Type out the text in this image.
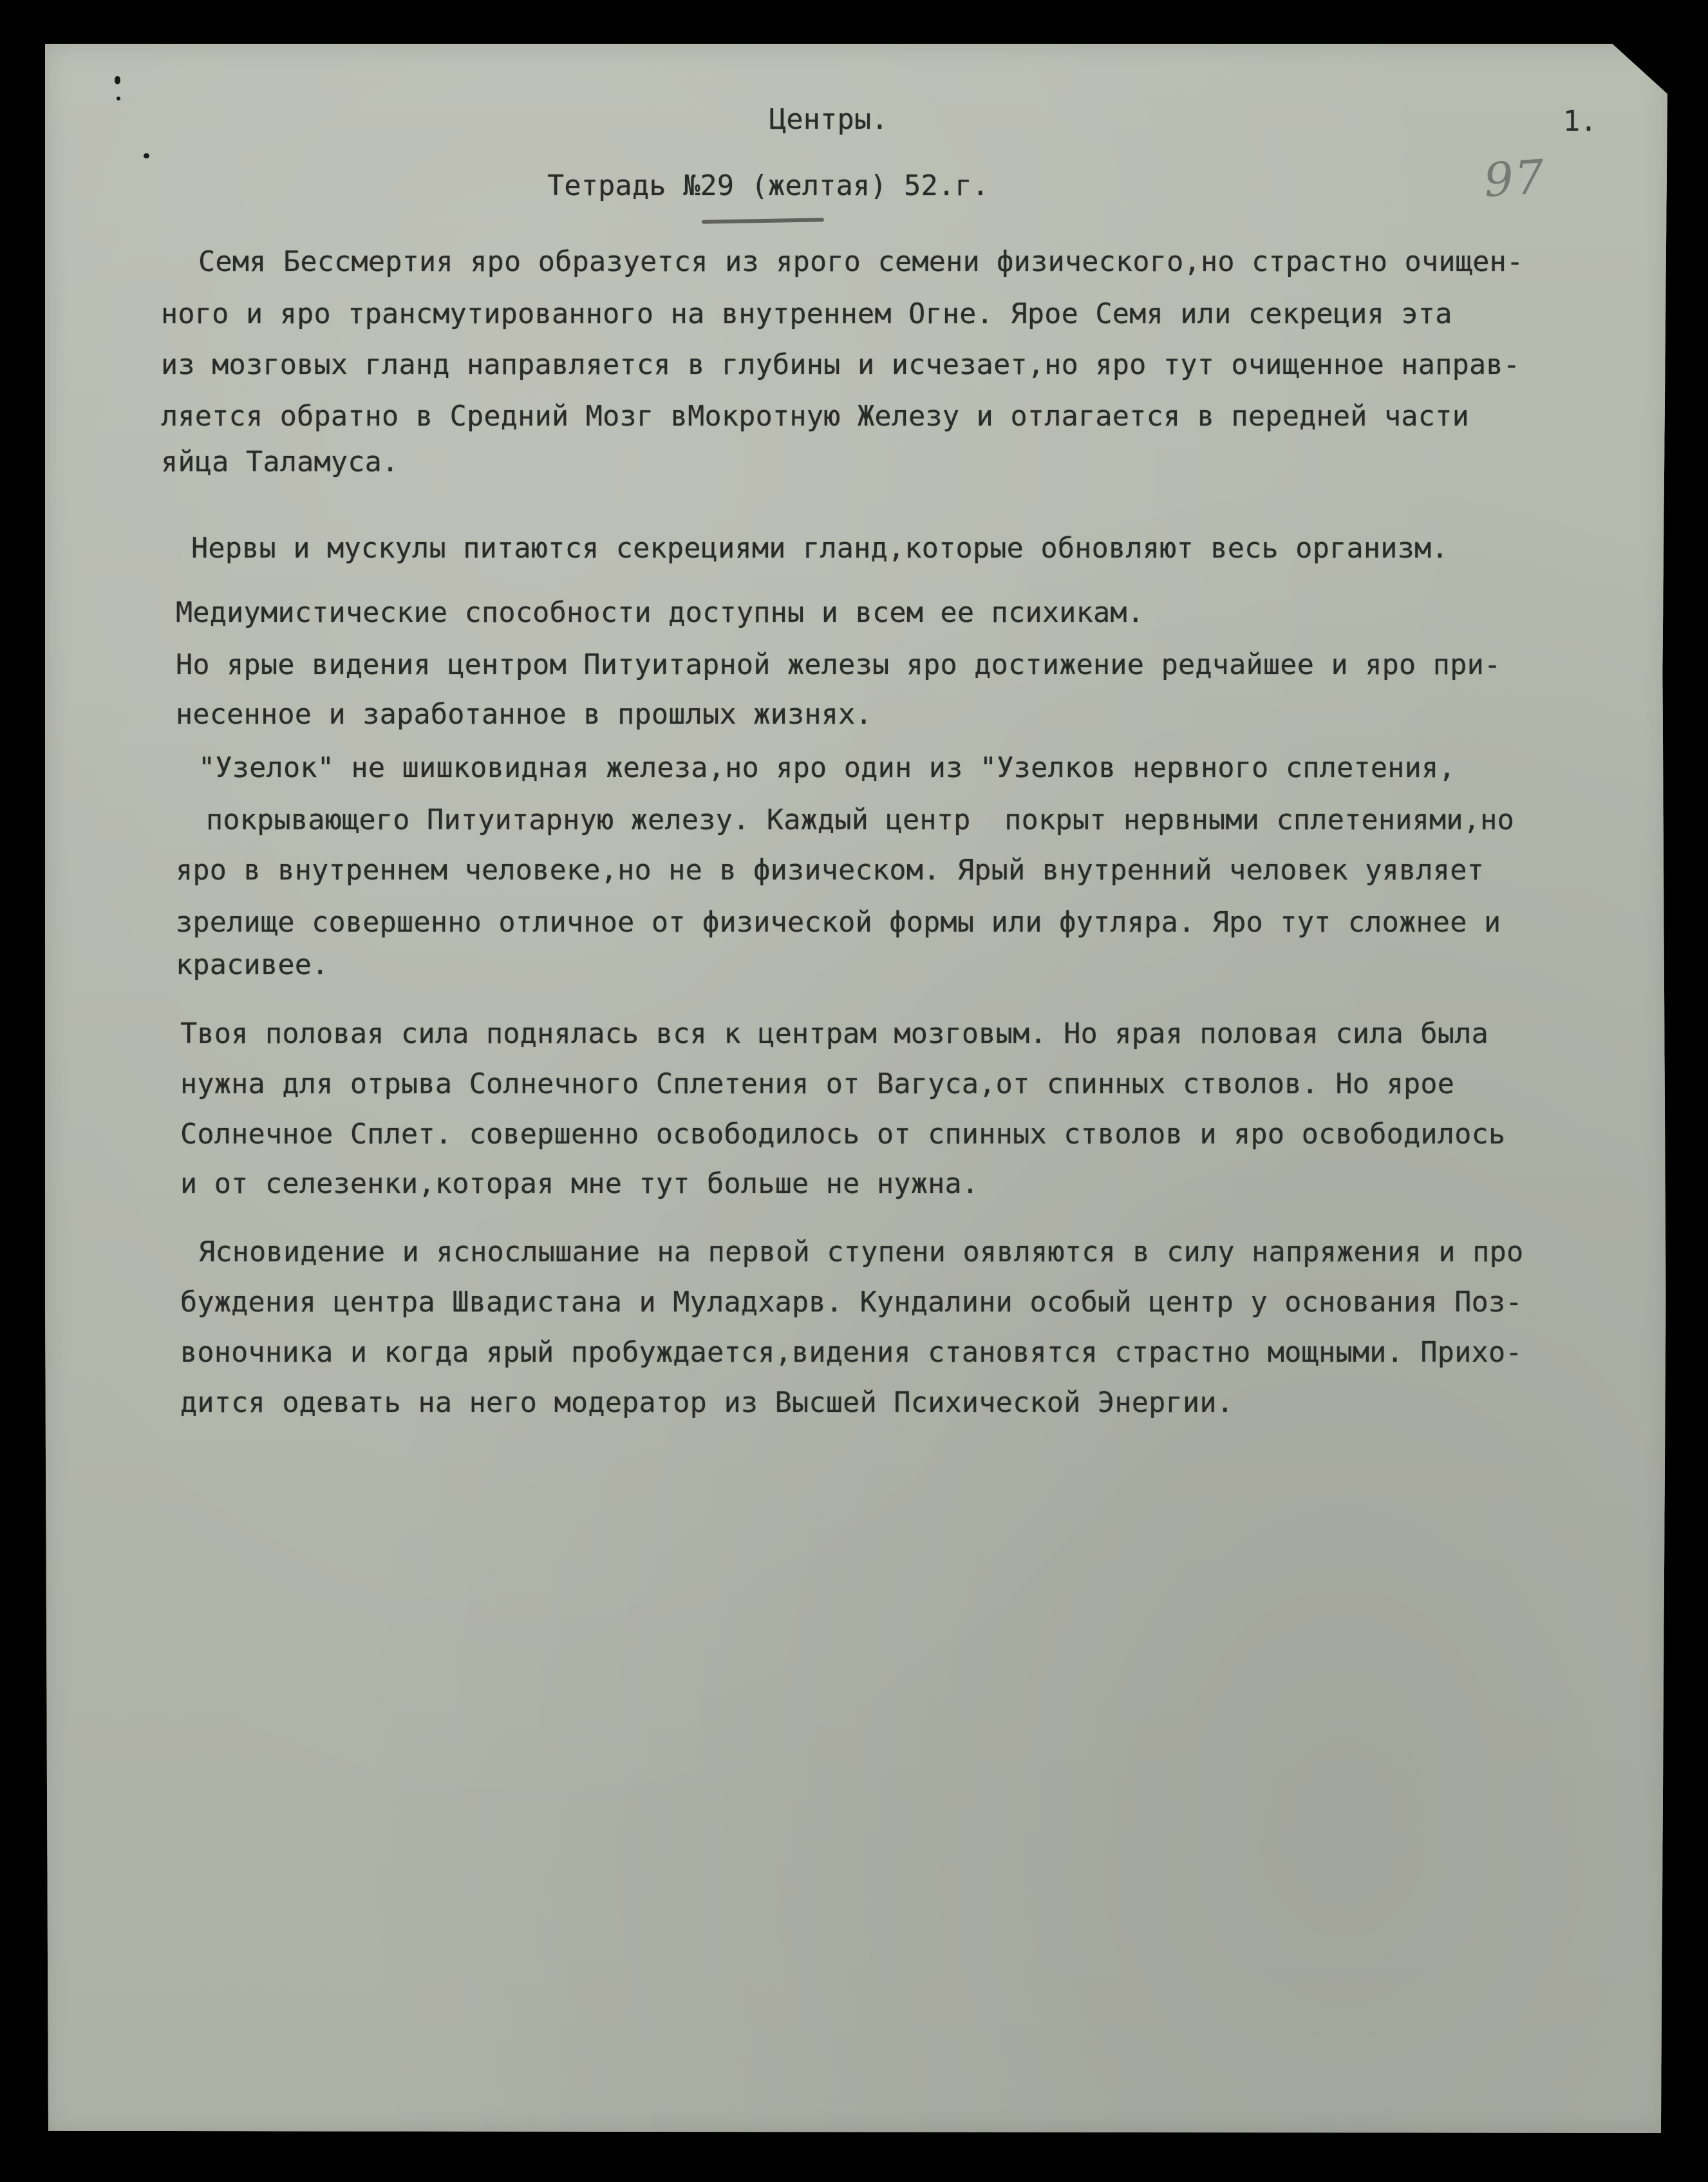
Центры.	1.
Тетрадь №29 (желтая) 52.г.	97
Семя Бессмертия яро образуется из ярого семени физического,но страстно очищен-
ного и яро трансмутированного на внутреннем Огне. Ярое Семя или секреция эта
из мозговых гланд направляется в глубины и исчезает,но яро тут очищенное направ-
ляется обратно в Средний Мозг вМокротную Железу и отлагается в передней части
яйца Таламуса.
Нервы и мускулы питаются секрециями гланд,которые обновляют весь организм.
Медиумистические способности доступны и всем ее психикам.
Но ярые видения центром Питуитарной железы яро достижение редчайшее и яро при-
несенное и заработанное в прошлых жизнях.
"Узелок" не шишковидная железа,но яро один из "Узелков нервного сплетения,
покрывающего Питуитарную железу. Каждый центр  покрыт нервными сплетениями,но
яро в внутреннем человеке,но не в физическом. Ярый внутренний человек уявляет
зрелище совершенно отличное от физической формы или футляра. Яро тут сложнее и
красивее.
Твоя половая сила поднялась вся к центрам мозговым. Но ярая половая сила была
нужна для отрыва Солнечного Сплетения от Вагуса,от спинных стволов. Но ярое
Солнечное Сплет. совершенно освободилось от спинных стволов и яро освободилось
и от селезенки,которая мне тут больше не нужна.
Ясновидение и яснослышание на первой ступени оявляются в силу напряжения и про
буждения центра Швадистана и Муладхарв. Кундалини особый центр у основания Поз-
воночника и когда ярый пробуждается,видения становятся страстно мощными. Прихо-
дится одевать на него модератор из Высшей Психической Энергии.
